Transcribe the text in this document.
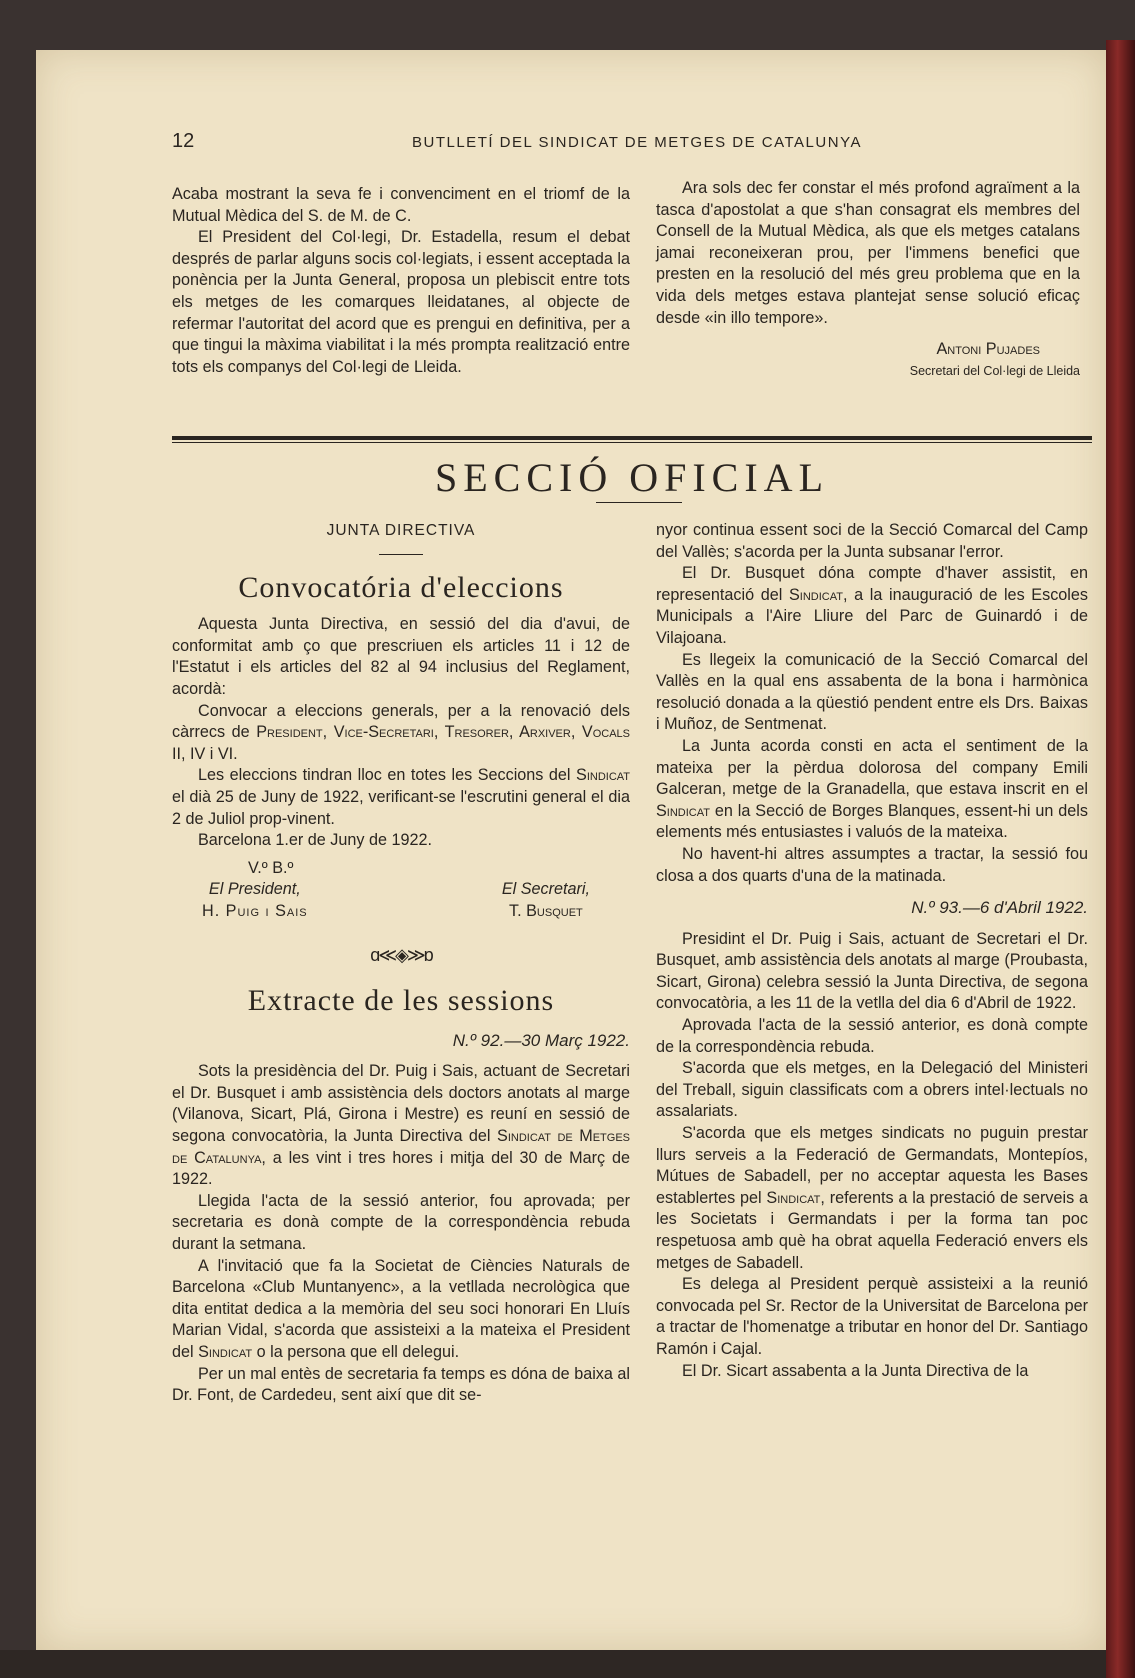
12	BUTLLETÍ DEL SINDICAT DE METGES DE CATALUNYA

Acaba mostrant la seva fe i convenciment en el triomf de la Mutual Mèdica del S. de M. de C.

El President del Col·legi, Dr. Estadella, resum el debat després de parlar alguns socis col·legiats, i essent acceptada la ponència per la Junta General, proposa un plebiscit entre tots els metges de les comarques lleidatanes, al objecte de refermar l'autoritat del acord que es prengui en definitiva, per a que tingui la màxima viabilitat i la més prompta realització entre tots els companys del Col·legi de Lleida.

Ara sols dec fer constar el més profond agraïment a la tasca d'apostolat a que s'han consagrat els membres del Consell de la Mutual Mèdica, als que els metges catalans jamai reconeixeran prou, per l'immens benefici que presten en la resolució del més greu problema que en la vida dels metges estava plantejat sense solució eficaç desde «in illo tempore».

Antoni Pujades

Secretari del Col·legi de Lleida

SECCIÓ OFICIAL

JUNTA DIRECTIVA

Convocatória d'eleccions

Aquesta Junta Directiva, en sessió del dia d'avui, de conformitat amb ço que prescriuen els articles 11 i 12 de l'Estatut i els articles del 82 al 94 inclusius del Reglament, acordà:

Convocar a eleccions generals, per a la renovació dels càrrecs de President, Vice-Secretari, Tresorer, Arxiver, Vocals II, IV i VI.

Les eleccions tindran lloc en totes les Seccions del Sindicat el dià 25 de Juny de 1922, verificant-se l'escrutini general el dia 2 de Juliol prop-vinent.

Barcelona 1.er de Juny de 1922.

V.º B.º

El President,
H. Puig i Sais
El Secretari,
T. Busquet
ɑ≪◈≫ɒ

Extracte de les sessions

N.º 92.—30 Març 1922.

Sots la presidència del Dr. Puig i Sais, actuant de Secretari el Dr. Busquet i amb assistència dels doctors anotats al marge (Vilanova, Sicart, Plá, Girona i Mestre) es reuní en sessió de segona convocatòria, la Junta Directiva del Sindicat de Metges de Catalunya, a les vint i tres hores i mitja del 30 de Març de 1922.

Llegida l'acta de la sessió anterior, fou aprovada; per secretaria es donà compte de la correspondència rebuda durant la setmana.

A l'invitació que fa la Societat de Ciències Naturals de Barcelona «Club Muntanyenc», a la vetllada necrològica que dita entitat dedica a la memòria del seu soci honorari En Lluís Marian Vidal, s'acorda que assisteixi a la mateixa el President del Sindicat o la persona que ell delegui.

Per un mal entès de secretaria fa temps es dóna de baixa al Dr. Font, de Cardedeu, sent així que dit se-

nyor continua essent soci de la Secció Comarcal del Camp del Vallès; s'acorda per la Junta subsanar l'error.

El Dr. Busquet dóna compte d'haver assistit, en representació del Sindicat, a la inauguració de les Escoles Municipals a l'Aire Lliure del Parc de Guinardó i de Vilajoana.

Es llegeix la comunicació de la Secció Comarcal del Vallès en la qual ens assabenta de la bona i harmònica resolució donada a la qüestió pendent entre els Drs. Baixas i Muñoz, de Sentmenat.

La Junta acorda consti en acta el sentiment de la mateixa per la pèrdua dolorosa del company Emili Galceran, metge de la Granadella, que estava inscrit en el Sindicat en la Secció de Borges Blanques, essent-hi un dels elements més entusiastes i valuós de la mateixa.

No havent-hi altres assumptes a tractar, la sessió fou closa a dos quarts d'una de la matinada.

N.º 93.—6 d'Abril 1922.

Presidint el Dr. Puig i Sais, actuant de Secretari el Dr. Busquet, amb assistència dels anotats al marge (Proubasta, Sicart, Girona) celebra sessió la Junta Directiva, de segona convocatòria, a les 11 de la vetlla del dia 6 d'Abril de 1922.

Aprovada l'acta de la sessió anterior, es donà compte de la correspondència rebuda.

S'acorda que els metges, en la Delegació del Ministeri del Treball, siguin classificats com a obrers intel·lectuals no assalariats.

S'acorda que els metges sindicats no puguin prestar llurs serveis a la Federació de Germandats, Montepíos, Mútues de Sabadell, per no acceptar aquesta les Bases establertes pel Sindicat, referents a la prestació de serveis a les Societats i Germandats i per la forma tan poc respetuosa amb què ha obrat aquella Federació envers els metges de Sabadell.

Es delega al President perquè assisteixi a la reunió convocada pel Sr. Rector de la Universitat de Barcelona per a tractar de l'homenatge a tributar en honor del Dr. Santiago Ramón i Cajal.

El Dr. Sicart assabenta a la Junta Directiva de la
